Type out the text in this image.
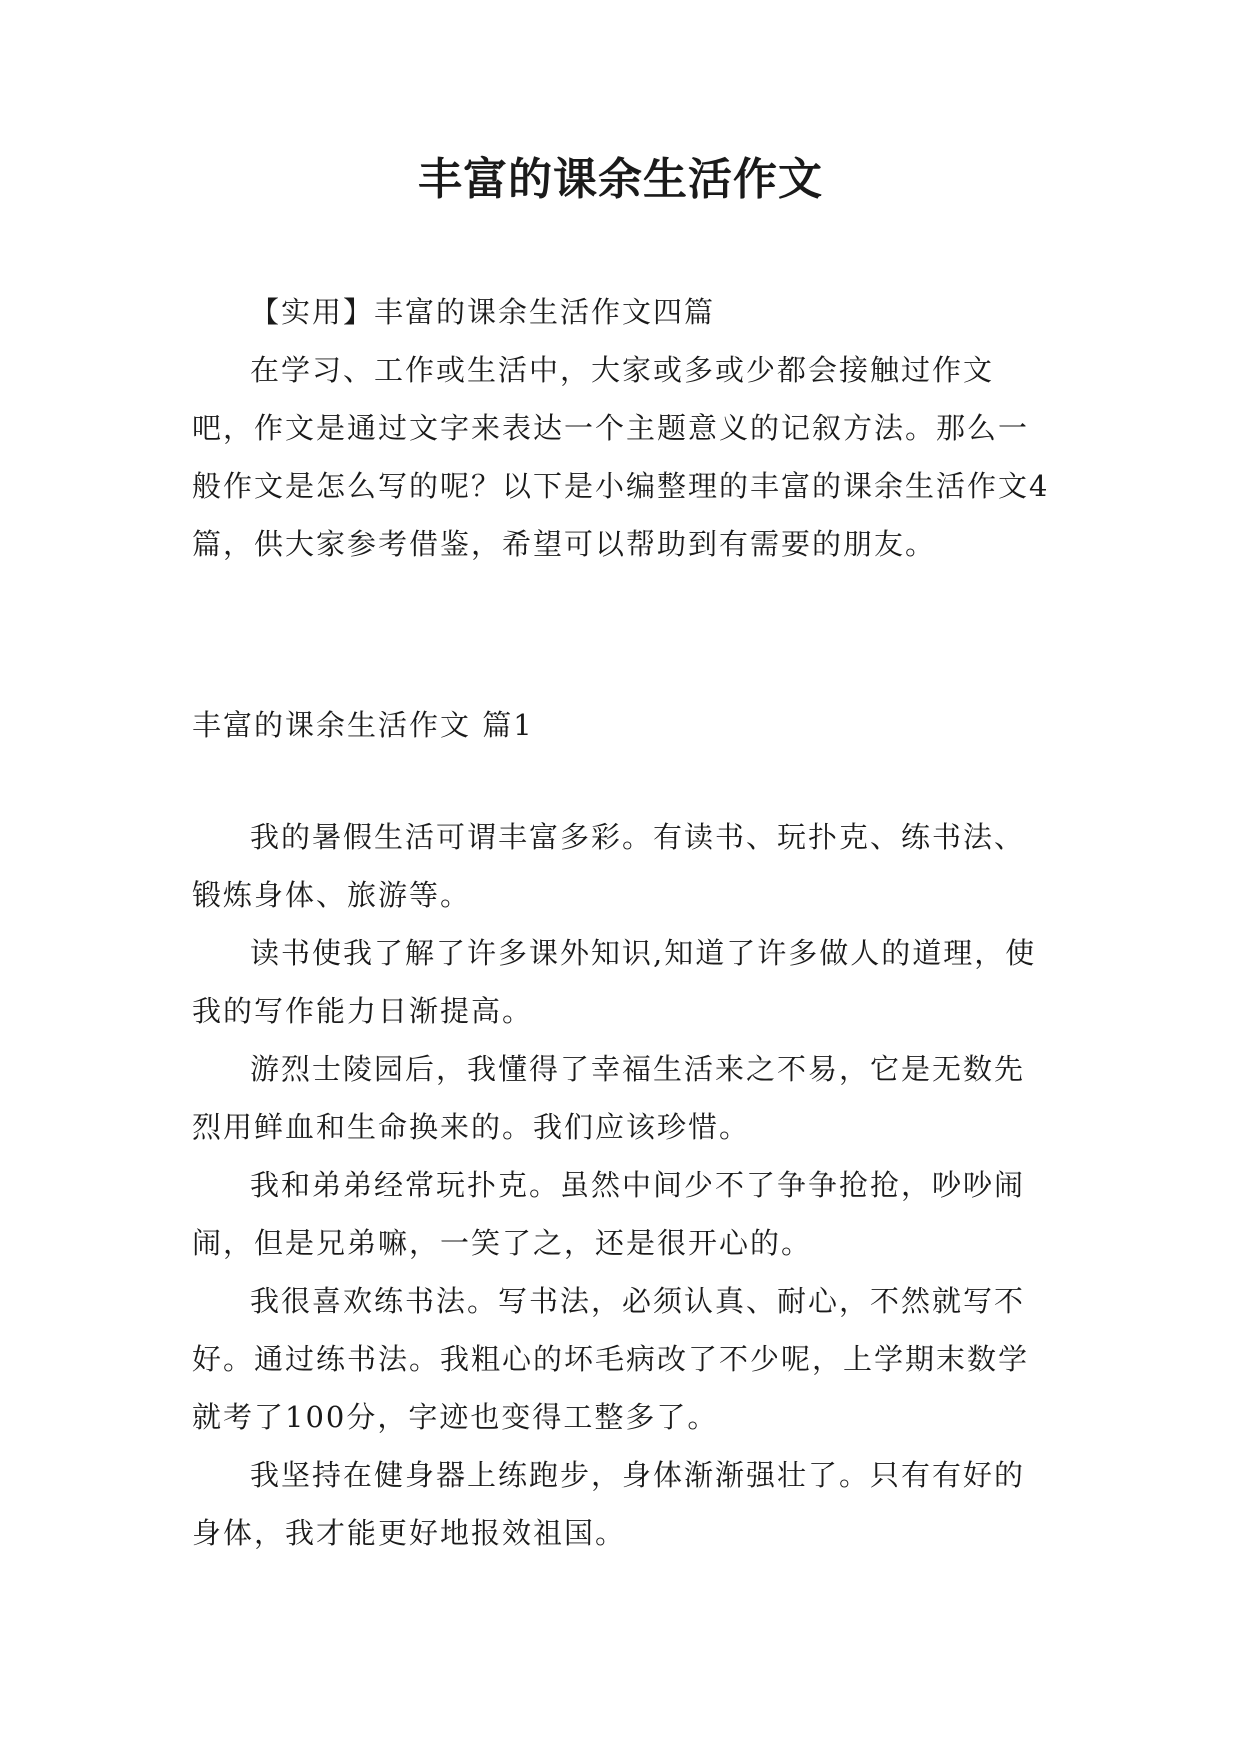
丰富的课余生活作文

【实用】丰富的课余生活作文四篇

在学习、工作或生活中，大家或多或少都会接触过作文吧，作文是通过文字来表达一个主题意义的记叙方法。那么一般作文是怎么写的呢？以下是小编整理的丰富的课余生活作文4篇，供大家参考借鉴，希望可以帮助到有需要的朋友。

丰富的课余生活作文 篇1

我的暑假生活可谓丰富多彩。有读书、玩扑克、练书法、锻炼身体、旅游等。

读书使我了解了许多课外知识,知道了许多做人的道理，使我的写作能力日渐提高。

游烈士陵园后，我懂得了幸福生活来之不易，它是无数先烈用鲜血和生命换来的。我们应该珍惜。

我和弟弟经常玩扑克。虽然中间少不了争争抢抢，吵吵闹闹，但是兄弟嘛，一笑了之，还是很开心的。

我很喜欢练书法。写书法，必须认真、耐心，不然就写不好。通过练书法。我粗心的坏毛病改了不少呢，上学期末数学就考了100分，字迹也变得工整多了。

我坚持在健身器上练跑步，身体渐渐强壮了。只有有好的身体，我才能更好地报效祖国。
